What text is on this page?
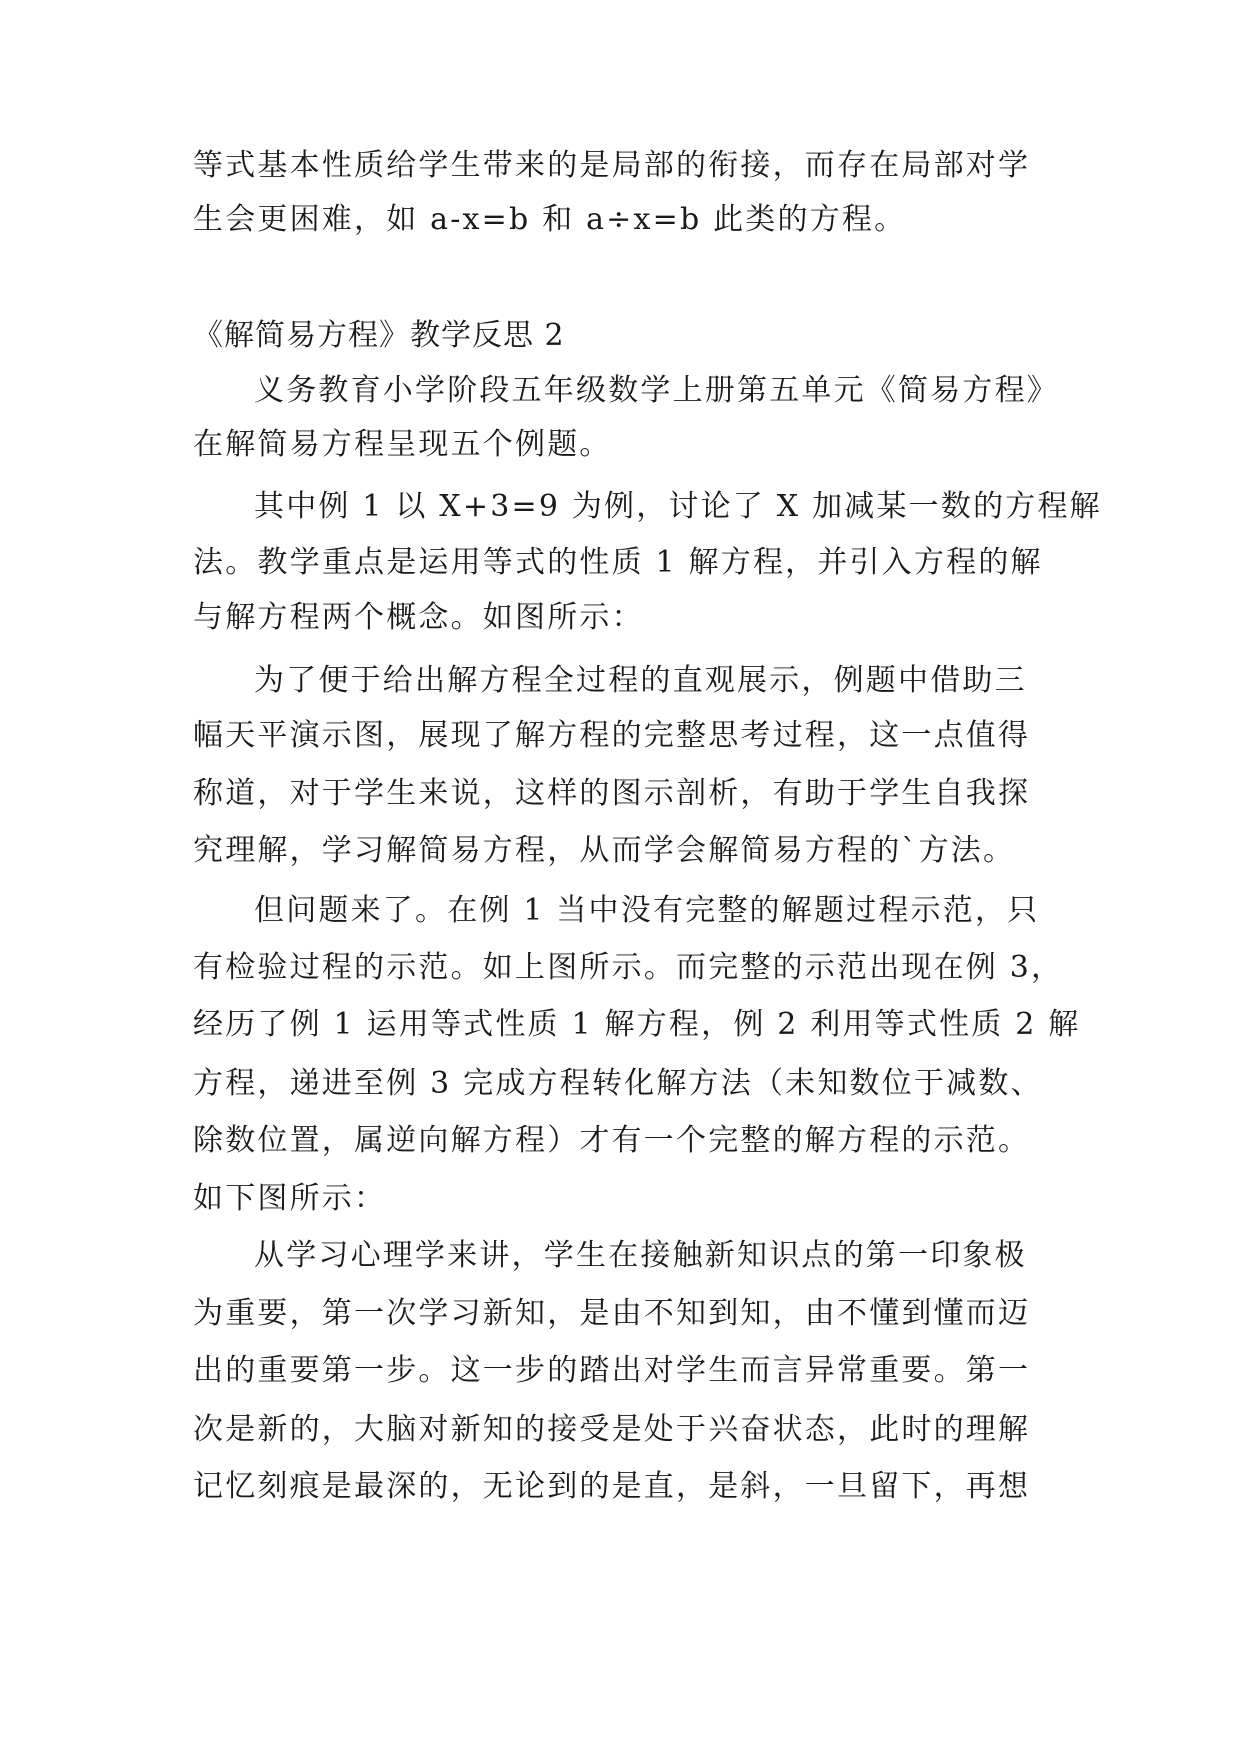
等式基本性质给学生带来的是局部的衔接，而存在局部对学
生会更困难，如 a-x=b 和 a÷x=b 此类的方程。
《解简易方程》教学反思 2
义务教育小学阶段五年级数学上册第五单元《简易方程》
在解简易方程呈现五个例题。
其中例 1 以 X+3=9 为例，讨论了 X 加减某一数的方程解
法。教学重点是运用等式的性质 1 解方程，并引入方程的解
与解方程两个概念。如图所示：
为了便于给出解方程全过程的直观展示，例题中借助三
幅天平演示图，展现了解方程的完整思考过程，这一点值得
称道，对于学生来说，这样的图示剖析，有助于学生自我探
究理解，学习解简易方程，从而学会解简易方程的`方法。
但问题来了。在例 1 当中没有完整的解题过程示范，只
有检验过程的示范。如上图所示。而完整的示范出现在例 3，
经历了例 1 运用等式性质 1 解方程，例 2 利用等式性质 2 解
方程，递进至例 3 完成方程转化解方法（未知数位于减数、
除数位置，属逆向解方程）才有一个完整的解方程的示范。
如下图所示：
从学习心理学来讲，学生在接触新知识点的第一印象极
为重要，第一次学习新知，是由不知到知，由不懂到懂而迈
出的重要第一步。这一步的踏出对学生而言异常重要。第一
次是新的，大脑对新知的接受是处于兴奋状态，此时的理解
记忆刻痕是最深的，无论到的是直，是斜，一旦留下，再想
